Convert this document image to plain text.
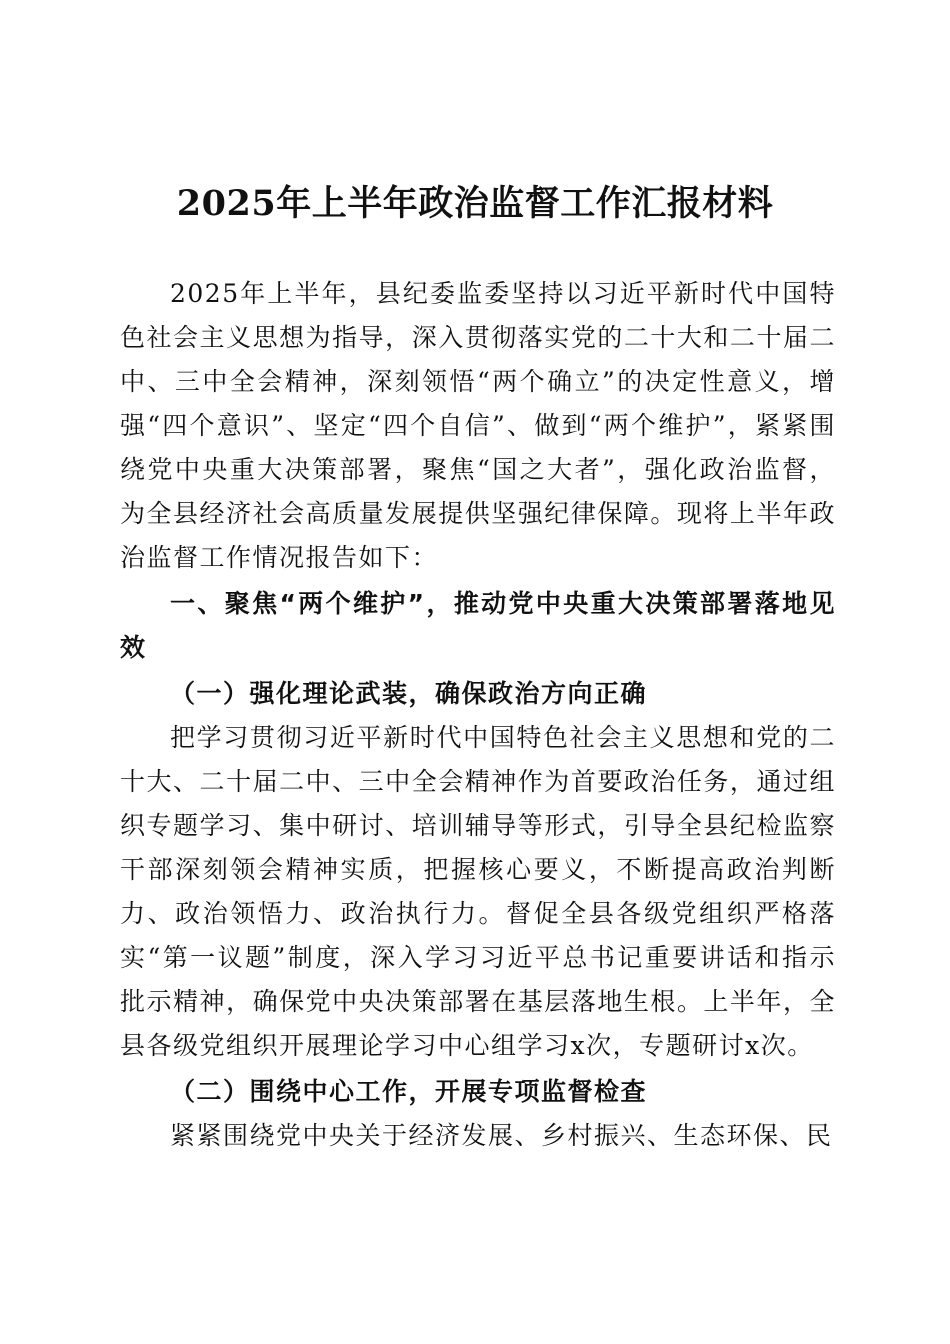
2025年上半年政治监督工作汇报材料

2025年上半年，县纪委监委坚持以习近平新时代中国特色社会主义思想为指导，深入贯彻落实党的二十大和二十届二中、三中全会精神，深刻领悟“两个确立”的决定性意义，增强“四个意识”、坚定“四个自信”、做到“两个维护”，紧紧围绕党中央重大决策部署，聚焦“国之大者”，强化政治监督，为全县经济社会高质量发展提供坚强纪律保障。现将上半年政治监督工作情况报告如下：

一、聚焦“两个维护”，推动党中央重大决策部署落地见效

（一）强化理论武装，确保政治方向正确

把学习贯彻习近平新时代中国特色社会主义思想和党的二十大、二十届二中、三中全会精神作为首要政治任务，通过组织专题学习、集中研讨、培训辅导等形式，引导全县纪检监察干部深刻领会精神实质，把握核心要义，不断提高政治判断力、政治领悟力、政治执行力。督促全县各级党组织严格落实“第一议题”制度，深入学习习近平总书记重要讲话和指示批示精神，确保党中央决策部署在基层落地生根。上半年，全县各级党组织开展理论学习中心组学习x次，专题研讨x次。

（二）围绕中心工作，开展专项监督检查

紧紧围绕党中央关于经济发展、乡村振兴、生态环保、民
